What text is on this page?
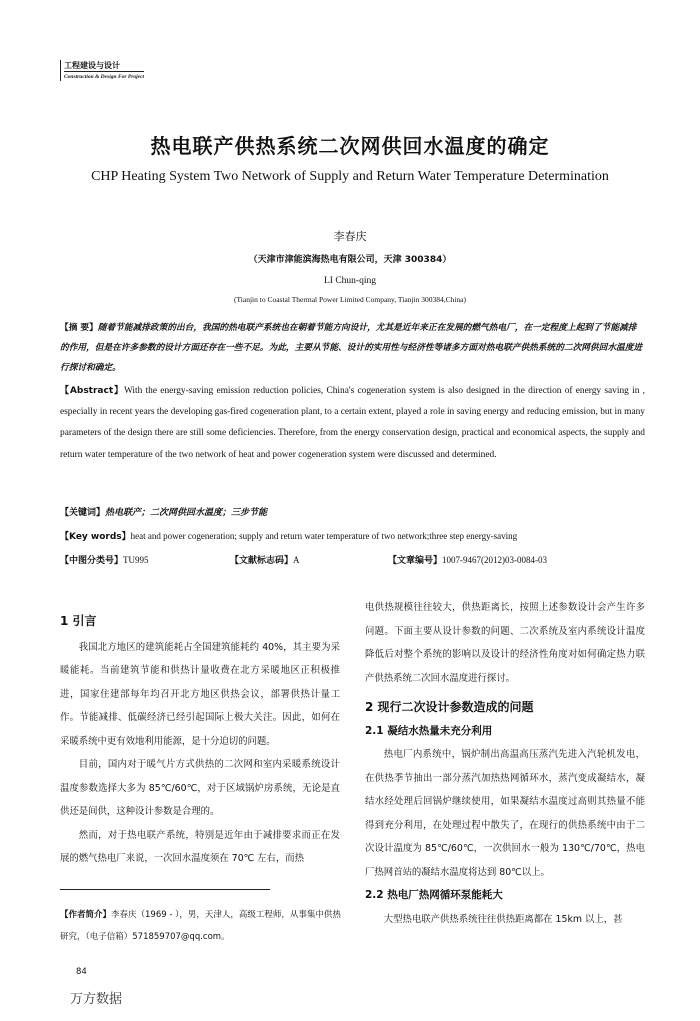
工程建设与设计
Construction & Design For Project
热电联产供热系统二次网供回水温度的确定
CHP Heating System Two Network of Supply and Return Water Temperature Determination
李春庆
（天津市津能滨海热电有限公司，天津 300384）
LI Chun-qing
(Tianjin to Coastal Thermal Power Limited Company, Tianjin 300384,China)
【摘 要】随着节能减排政策的出台，我国的热电联产系统也在朝着节能方向设计，尤其是近年来正在发展的燃气热电厂，在一定程度上起到了节能减排的作用，但是在许多参数的设计方面还存在一些不足。为此，主要从节能、设计的实用性与经济性等诸多方面对热电联产供热系统的二次网供回水温度进行探讨和确定。
【Abstract】With the energy-saving emission reduction policies, China's cogeneration system is also designed in the direction of energy saving in , especially in recent years the developing gas-fired cogeneration plant, to a certain extent, played a role in saving energy and reducing emission, but in many parameters of the design there are still some deficiencies. Therefore, from the energy conservation design, practical and economical aspects, the supply and return water temperature of the two network of heat and power cogeneration system were discussed and determined.
【关键词】热电联产；二次网供回水温度；三步节能
【Key words】heat and power cogeneration; supply and return water temperature of two network;three step energy-saving
【中图分类号】TU995	【文献标志码】A	【文章编号】1007-9467(2012)03-0084-03
1 引言

我国北方地区的建筑能耗占全国建筑能耗约 40%，其主要为采暖能耗。当前建筑节能和供热计量收费在北方采暖地区正积极推进，国家住建部每年均召开北方地区供热会议，部署供热计量工作。节能减排、低碳经济已经引起国际上极大关注。因此，如何在采暖系统中更有效地利用能源，是十分迫切的问题。

目前，国内对于暖气片方式供热的二次网和室内采暖系统设计温度参数选择大多为 85℃/60℃，对于区域锅炉房系统，无论是直供还是间供，这种设计参数是合理的。

然而，对于热电联产系统，特别是近年由于减排要求而正在发展的燃气热电厂来说，一次回水温度须在 70℃ 左右，而热

电供热规模往往较大，供热距离长，按照上述参数设计会产生许多问题。下面主要从设计参数的问题、二次系统及室内系统设计温度降低后对整个系统的影响以及设计的经济性角度对如何确定热力联产供热系统二次回水温度进行探讨。

2 现行二次设计参数造成的问题
2.1 凝结水热量未充分利用

热电厂内系统中，锅炉制出高温高压蒸汽先进入汽轮机发电，在供热季节抽出一部分蒸汽加热热网循环水，蒸汽变成凝结水，凝结水经处理后回锅炉继续使用，如果凝结水温度过高则其热量不能得到充分利用，在处理过程中散失了，在现行的供热系统中由于二次设计温度为 85℃/60℃，一次供回水一般为 130℃/70℃，热电厂热网首站的凝结水温度将达到 80℃以上。

2.2 热电厂热网循环泵能耗大

大型热电联产供热系统往往供热距离都在 15km 以上，甚

【作者简介】李春庆（1969 - ），男，天津人，高级工程师，从事集中供热研究，（电子信箱）571859707@qq.com。
84
万方数据
